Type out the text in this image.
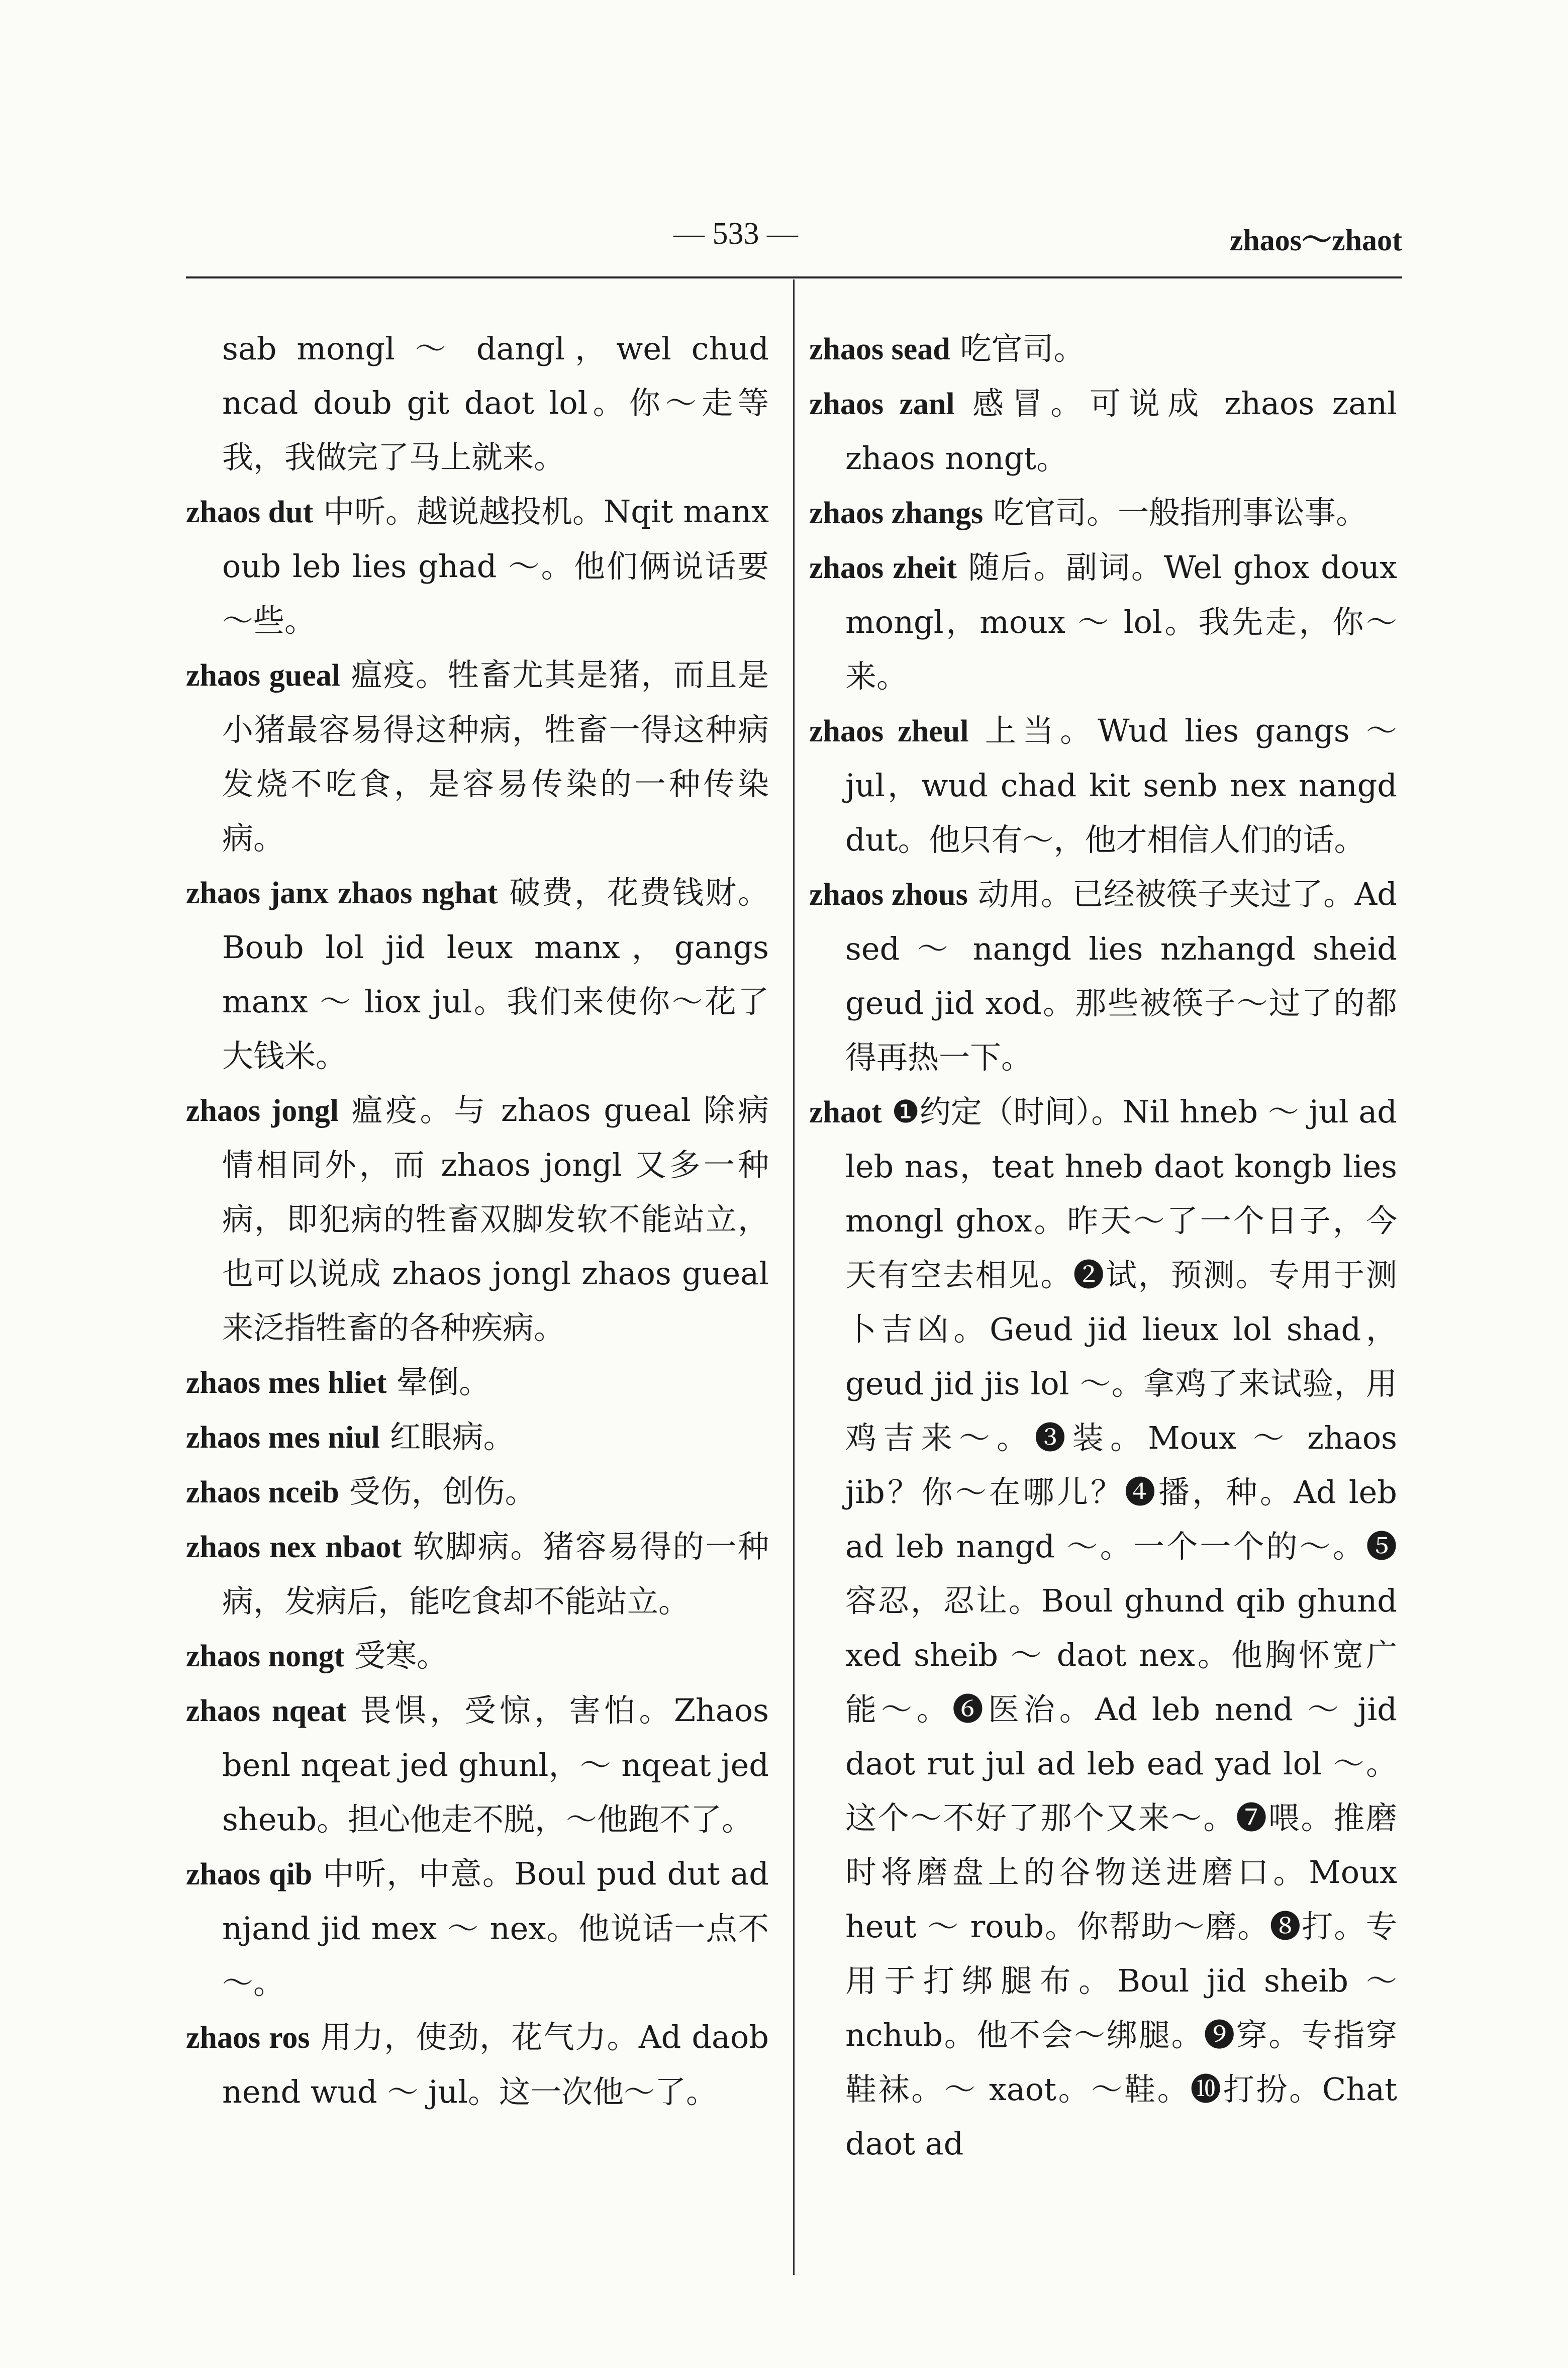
— 533 —	zhaos～zhaot

sab mongl ～ dangl，wel chud ncad doub git daot lol。你～走等我，我做完了马上就来。

zhaos dut 中听。越说越投机。Nqit manx oub leb lies ghad ～。他们俩说话要～些。

zhaos gueal 瘟疫。牲畜尤其是猪，而且是小猪最容易得这种病，牲畜一得这种病发烧不吃食，是容易传染的一种传染病。

zhaos janx zhaos nghat 破费，花费钱财。Boub lol jid leux manx，gangs manx ～ liox jul。我们来使你～花了大钱米。

zhaos jongl 瘟疫。与 zhaos gueal 除病情相同外，而 zhaos jongl 又多一种病，即犯病的牲畜双脚发软不能站立，也可以说成 zhaos jongl zhaos gueal 来泛指牲畜的各种疾病。

zhaos mes hliet 晕倒。

zhaos mes niul 红眼病。

zhaos nceib 受伤，创伤。

zhaos nex nbaot 软脚病。猪容易得的一种病，发病后，能吃食却不能站立。

zhaos nongt 受寒。

zhaos nqeat 畏惧，受惊，害怕。Zhaos benl nqeat jed ghunl，～ nqeat jed sheub。担心他走不脱，～他跑不了。

zhaos qib 中听，中意。Boul pud dut ad njand jid mex ～ nex。他说话一点不～。

zhaos ros 用力，使劲，花气力。Ad daob nend wud ～ jul。这一次他～了。

zhaos sead 吃官司。

zhaos zanl 感冒。可说成 zhaos zanl zhaos nongt。

zhaos zhangs 吃官司。一般指刑事讼事。

zhaos zheit 随后。副词。Wel ghox doux mongl，moux ～ lol。我先走，你～来。

zhaos zheul 上当。Wud lies gangs ～ jul，wud chad kit senb nex nangd dut。他只有～，他才相信人们的话。

zhaos zhous 动用。已经被筷子夹过了。Ad sed ～ nangd lies nzhangd sheid geud jid xod。那些被筷子～过了的都得再热一下。

zhaot ❶约定（时间）。Nil hneb ～ jul ad leb nas，teat hneb daot kongb lies mongl ghox。昨天～了一个日子，今天有空去相见。❷试，预测。专用于测卜吉凶。Geud jid lieux lol shad，geud jid jis lol ～。拿鸡了来试验，用鸡吉来～。❸装。Moux ～ zhaos jib？你～在哪儿？❹播，种。Ad leb ad leb nangd ～。一个一个的～。❺容忍，忍让。Boul ghund qib ghund xed sheib ～ daot nex。他胸怀宽广能～。❻医治。Ad leb nend ～ jid daot rut jul ad leb ead yad lol ～。这个～不好了那个又来～。❼喂。推磨时将磨盘上的谷物送进磨口。Moux heut ～ roub。你帮助～磨。❽打。专用于打绑腿布。Boul jid sheib ～ nchub。他不会～绑腿。❾穿。专指穿鞋袜。～ xaot。～鞋。❿打扮。Chat daot ad
